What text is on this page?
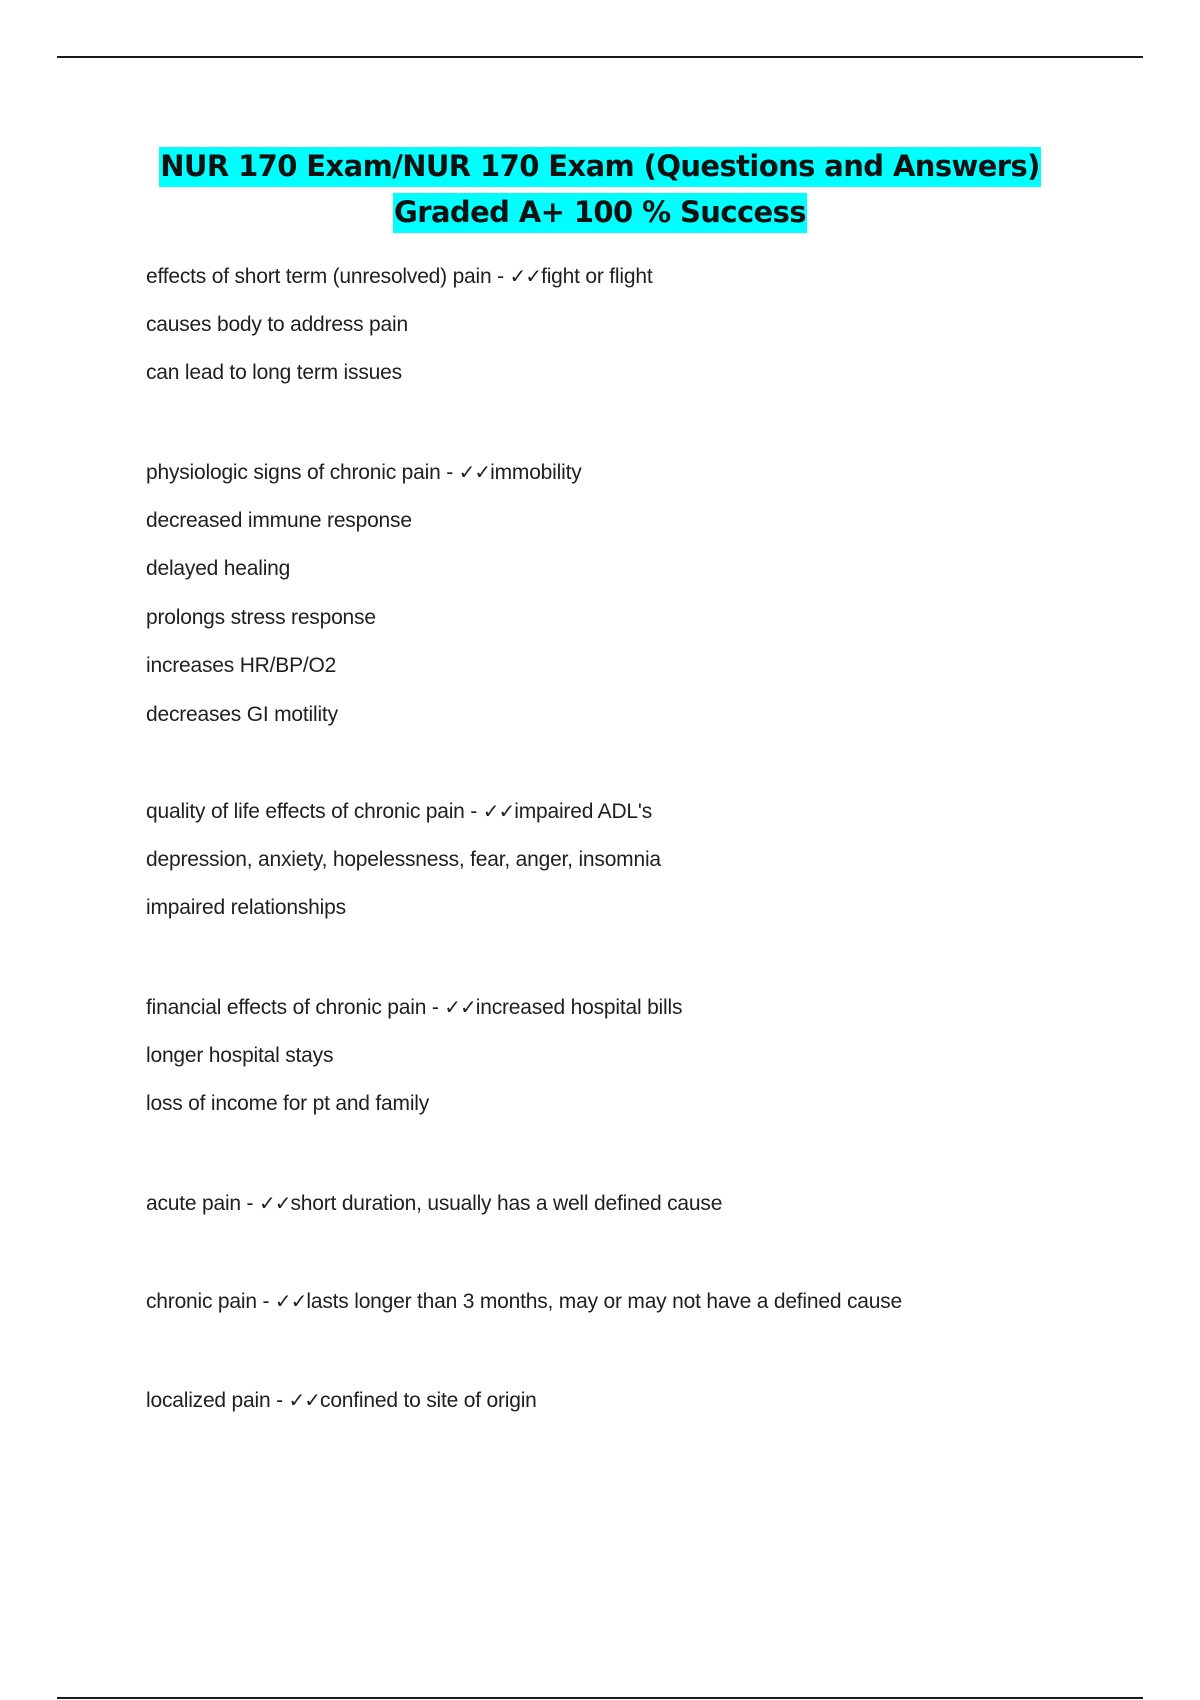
NUR 170 Exam/NUR 170 Exam (Questions and Answers)
Graded A+ 100 % Success
effects of short term (unresolved) pain - ✓✓fight or flight
causes body to address pain
can lead to long term issues
physiologic signs of chronic pain - ✓✓immobility
decreased immune response
delayed healing
prolongs stress response
increases HR/BP/O2
decreases GI motility
quality of life effects of chronic pain - ✓✓impaired ADL's
depression, anxiety, hopelessness, fear, anger, insomnia
impaired relationships
financial effects of chronic pain - ✓✓increased hospital bills
longer hospital stays
loss of income for pt and family
acute pain - ✓✓short duration, usually has a well defined cause
chronic pain - ✓✓lasts longer than 3 months, may or may not have a defined cause
localized pain - ✓✓confined to site of origin
